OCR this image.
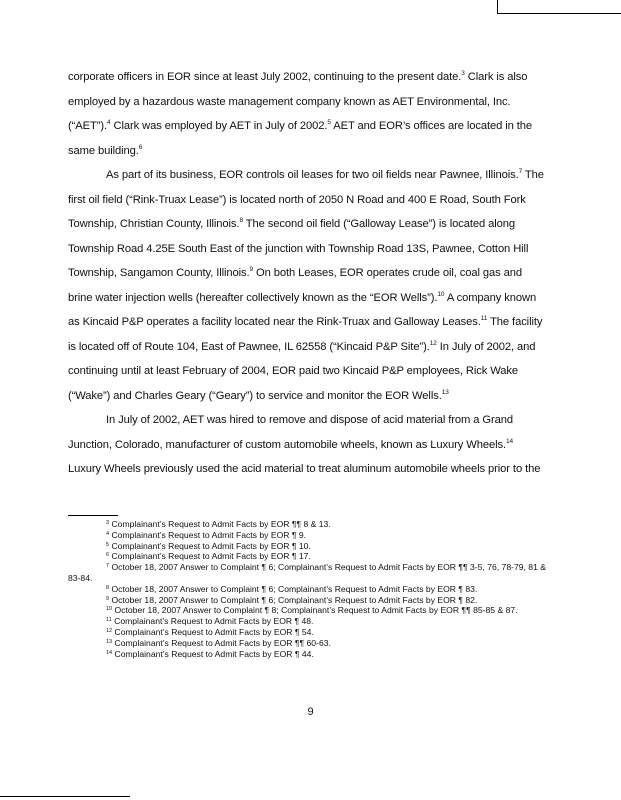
corporate officers in EOR since at least July 2002, continuing to the present date.$^3$ Clark is also employed by a hazardous waste management company known as AET Environmental, Inc. (“AET”).$^4$ Clark was employed by AET in July of 2002.$^5$ AET and EOR’s offices are located in the same building.$^6$

As part of its business, EOR controls oil leases for two oil fields near Pawnee, Illinois.$^7$ The first oil field (“Rink-Truax Lease”) is located north of 2050 N Road and 400 E Road, South Fork Township, Christian County, Illinois.$^8$ The second oil field (“Galloway Lease”) is located along Township Road 4.25E South East of the junction with Township Road 13S, Pawnee, Cotton Hill Township, Sangamon County, Illinois.$^9$ On both Leases, EOR operates crude oil, coal gas and brine water injection wells (hereafter collectively known as the “EOR Wells”).$^{10}$ A company known as Kincaid P&P operates a facility located near the Rink-Truax and Galloway Leases.$^{11}$ The facility is located off of Route 104, East of Pawnee, IL 62558 (“Kincaid P&P Site”).$^{12}$ In July of 2002, and continuing until at least February of 2004, EOR paid two Kincaid P&P employees, Rick Wake (“Wake”) and Charles Geary (“Geary”) to service and monitor the EOR Wells.$^{13}$

In July of 2002, AET was hired to remove and dispose of acid material from a Grand Junction, Colorado, manufacturer of custom automobile wheels, known as Luxury Wheels.$^{14}$ Luxury Wheels previously used the acid material to treat aluminum automobile wheels prior to the

$^3$ Complainant’s Request to Admit Facts by EOR ¶¶ 8 & 13.

$^4$ Complainant’s Request to Admit Facts by EOR ¶ 9.

$^5$ Complainant’s Request to Admit Facts by EOR ¶ 10.

$^6$ Complainant’s Request to Admit Facts by EOR ¶ 17.

$^7$ October 18, 2007 Answer to Complaint ¶ 6; Complainant’s Request to Admit Facts by EOR ¶¶ 3-5, 76, 78-79, 81 & 83-84.

$^8$ October 18, 2007 Answer to Complaint ¶ 6; Complainant’s Request to Admit Facts by EOR ¶ 83.

$^9$ October 18, 2007 Answer to Complaint ¶ 6; Complainant’s Request to Admit Facts by EOR ¶ 82.

$^{10}$ October 18, 2007 Answer to Complaint ¶ 8; Complainant’s Request to Admit Facts by EOR ¶¶ 85-85 & 87.

$^{11}$ Complainant’s Request to Admit Facts by EOR ¶ 48.

$^{12}$ Complainant’s Request to Admit Facts by EOR ¶ 54.

$^{13}$ Complainant’s Request to Admit Facts by EOR ¶¶ 60-63.

$^{14}$ Complainant’s Request to Admit Facts by EOR ¶ 44.

9
